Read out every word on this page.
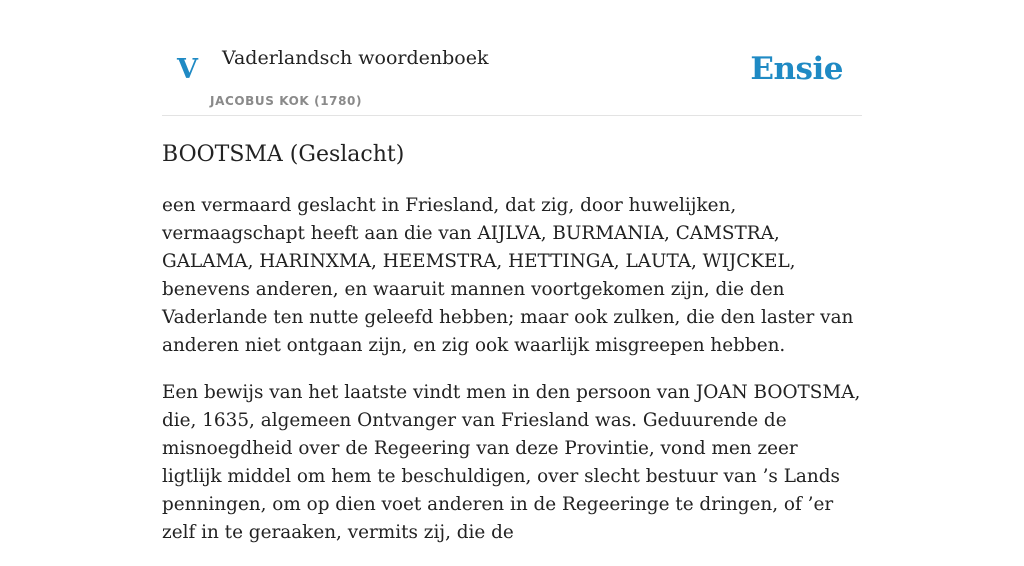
V Vaderlandsch woordenboek
JACOBUS KOK (1780)
Ensie
BOOTSMA (Geslacht)

een vermaard geslacht in Friesland, dat zig, door huwelijken, vermaagschapt heeft aan die van AIJLVA, BURMANIA, CAMSTRA, GALAMA, HARINXMA, HEEMSTRA, HETTINGA, LAUTA, WIJCKEL, benevens anderen, en waaruit mannen voortgekomen zijn, die den Vaderlande ten nutte geleefd hebben; maar ook zulken, die den laster van anderen niet ontgaan zijn, en zig ook waarlijk misgreepen hebben.

Een bewijs van het laatste vindt men in den persoon van JOAN BOOTSMA, die, 1635, algemeen Ontvanger van Friesland was. Geduurende de misnoegdheid over de Regeering van deze Provintie, vond men zeer ligtlijk middel om hem te beschuldigen, over slecht bestuur van ’s Lands penningen, om op dien voet anderen in de Regeeringe te dringen, of ’er zelf in te geraaken, vermits zij, die de
